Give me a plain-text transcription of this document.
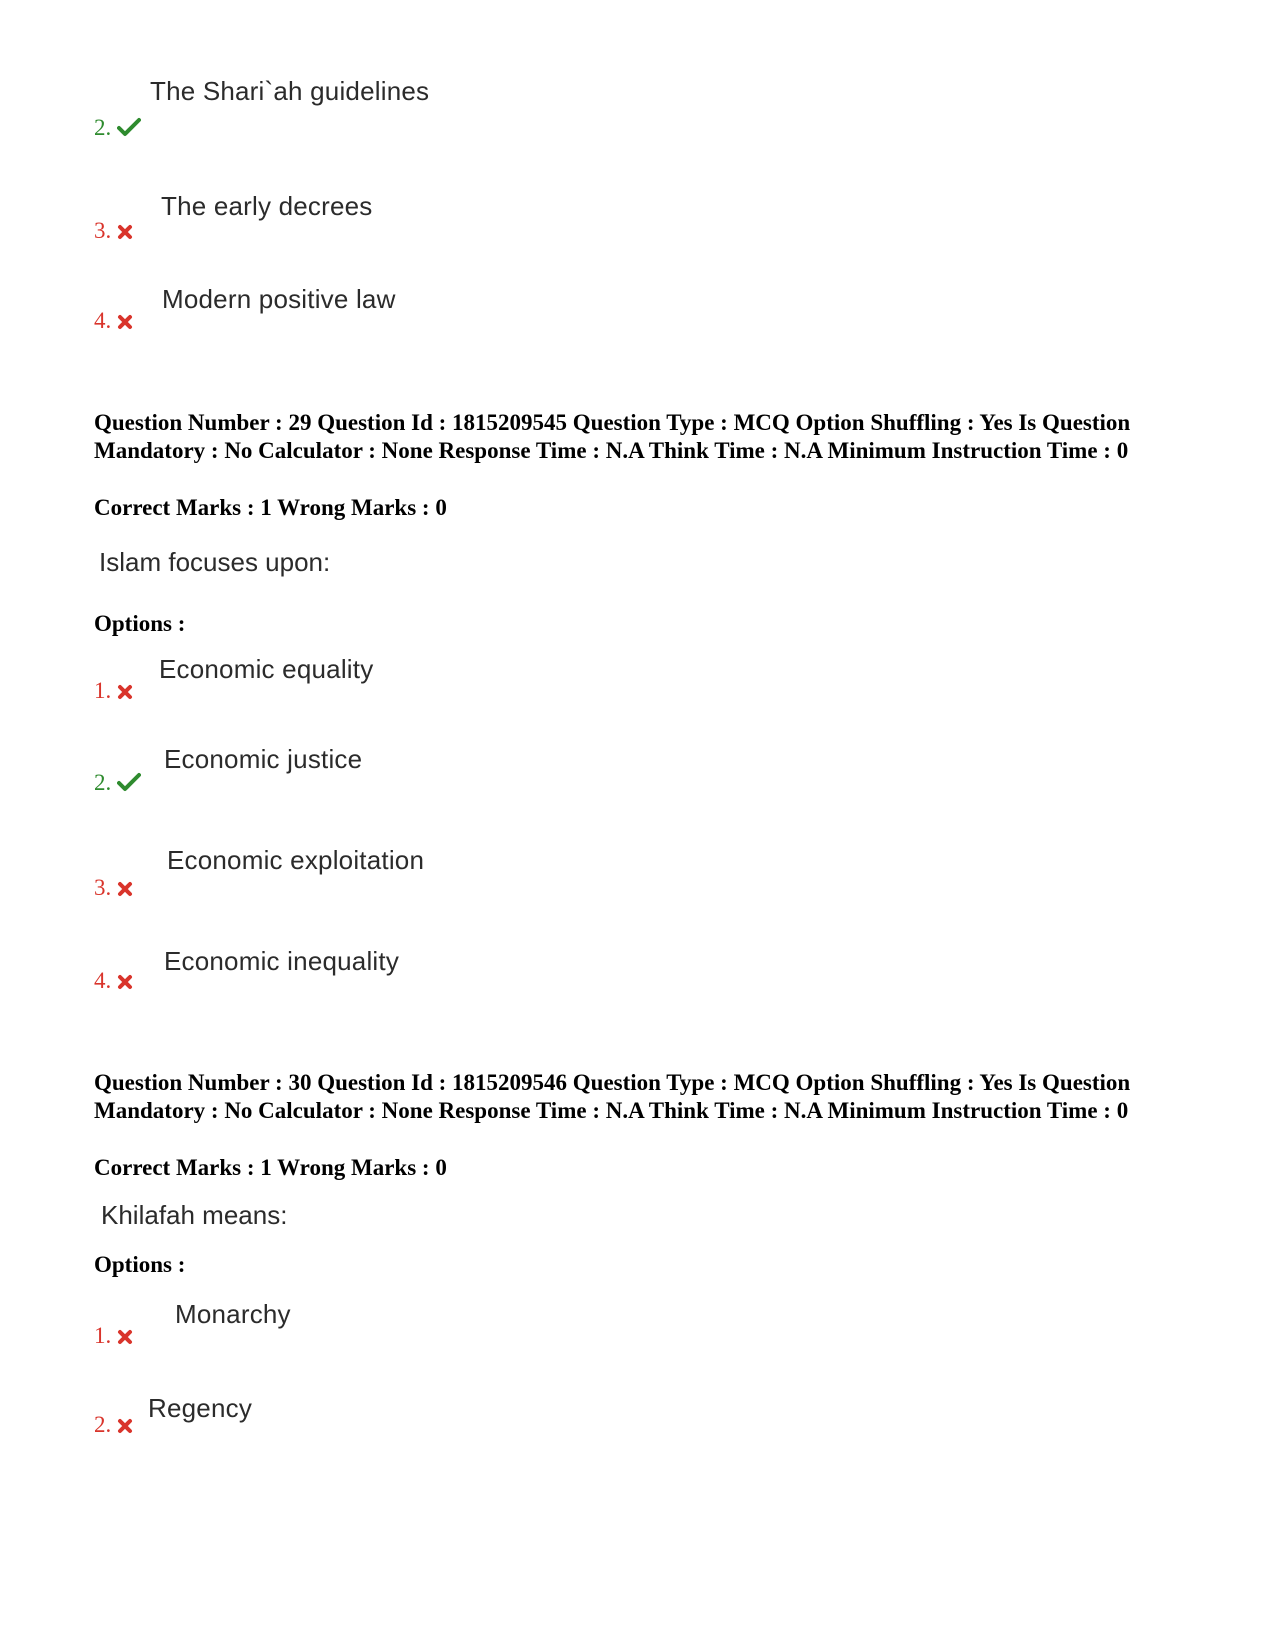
The Shari`ah guidelines
2.
The early decrees
3.
Modern positive law
4.
Question Number : 29 Question Id : 1815209545 Question Type : MCQ Option Shuffling : Yes Is Question Mandatory : No Calculator : None Response Time : N.A Think Time : N.A Minimum Instruction Time : 0
Correct Marks : 1 Wrong Marks : 0
Islam focuses upon:
Options :
Economic equality
1.
Economic justice
2.
Economic exploitation
3.
Economic inequality
4.
Question Number : 30 Question Id : 1815209546 Question Type : MCQ Option Shuffling : Yes Is Question Mandatory : No Calculator : None Response Time : N.A Think Time : N.A Minimum Instruction Time : 0
Correct Marks : 1 Wrong Marks : 0
Khilafah means:
Options :
Monarchy
1.
Regency
2.
